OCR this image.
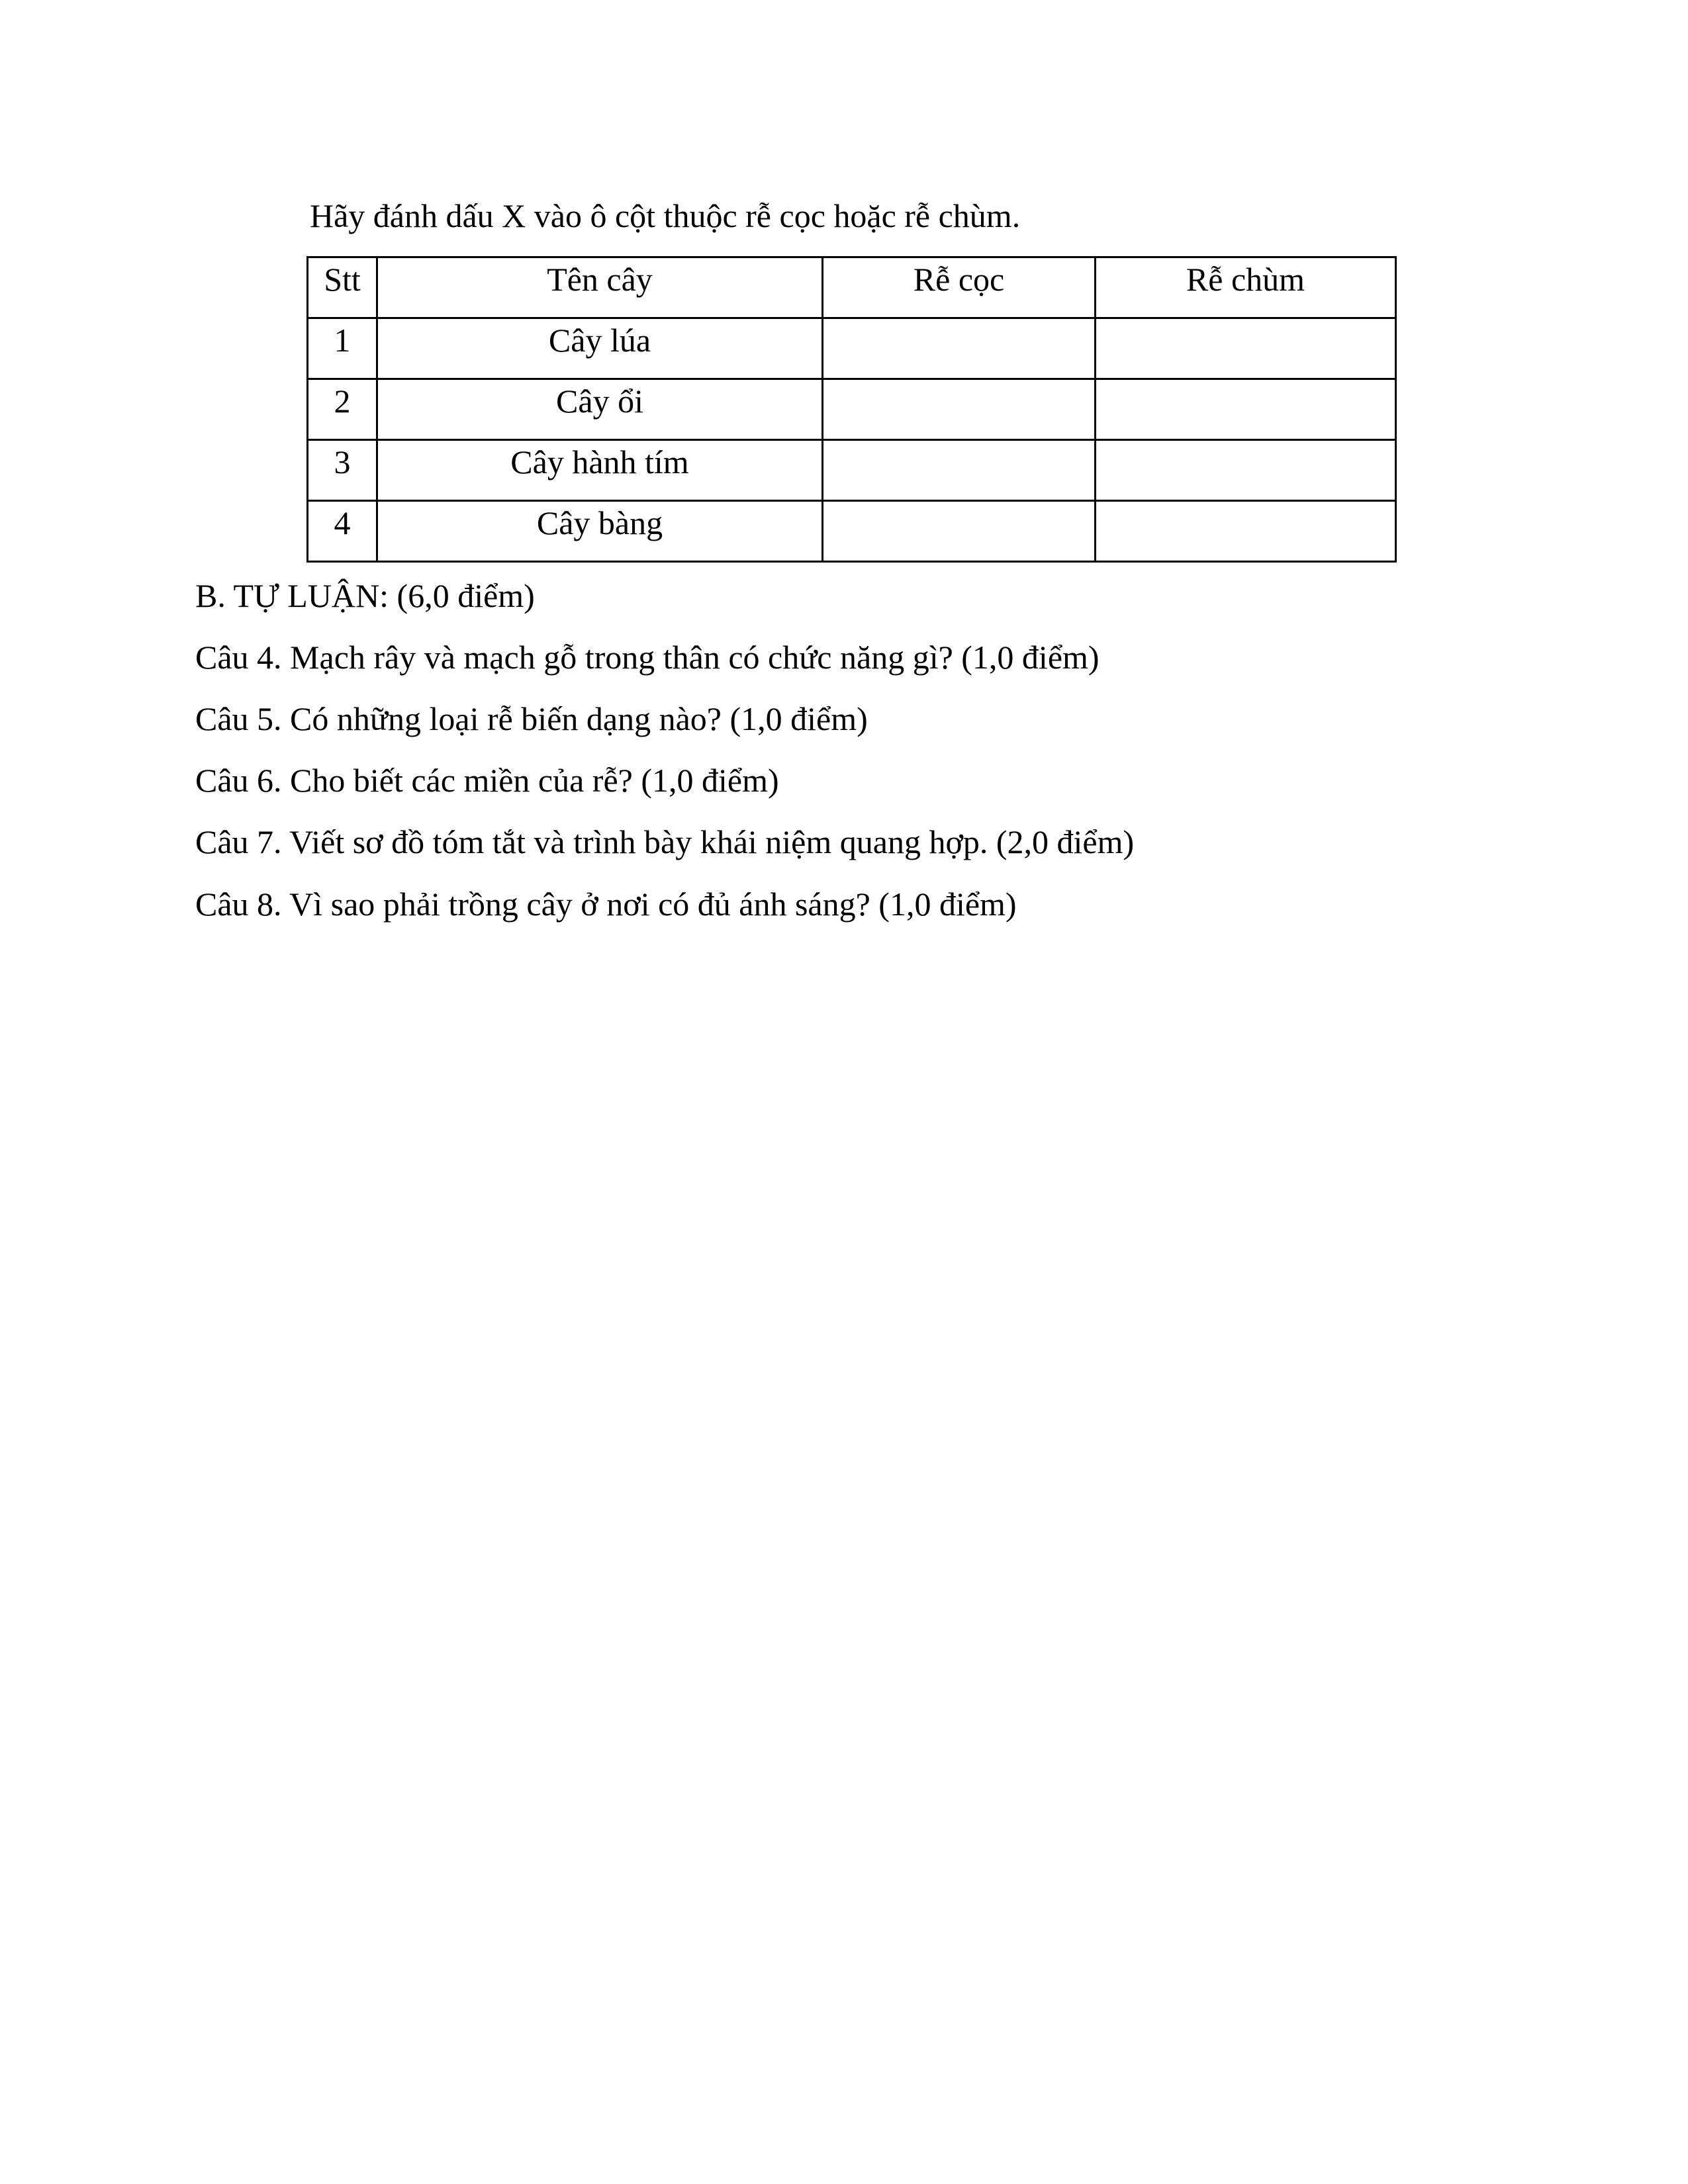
Hãy đánh dấu X vào ô cột thuộc rễ cọc hoặc rễ chùm.
Stt	Tên cây	Rễ cọc	Rễ chùm

1	Cây lúa		

2	Cây ổi		

3	Cây hành tím		

4	Cây bàng		

B. TỰ LUẬN: (6,0 điểm)
Câu 4. Mạch rây và mạch gỗ trong thân có chức năng gì? (1,0 điểm)
Câu 5. Có những loại rễ biến dạng nào? (1,0 điểm)
Câu 6. Cho biết các miền của rễ? (1,0 điểm)
Câu 7. Viết sơ đồ tóm tắt và trình bày khái niệm quang hợp. (2,0 điểm)
Câu 8. Vì sao phải trồng cây ở nơi có đủ ánh sáng? (1,0 điểm)
